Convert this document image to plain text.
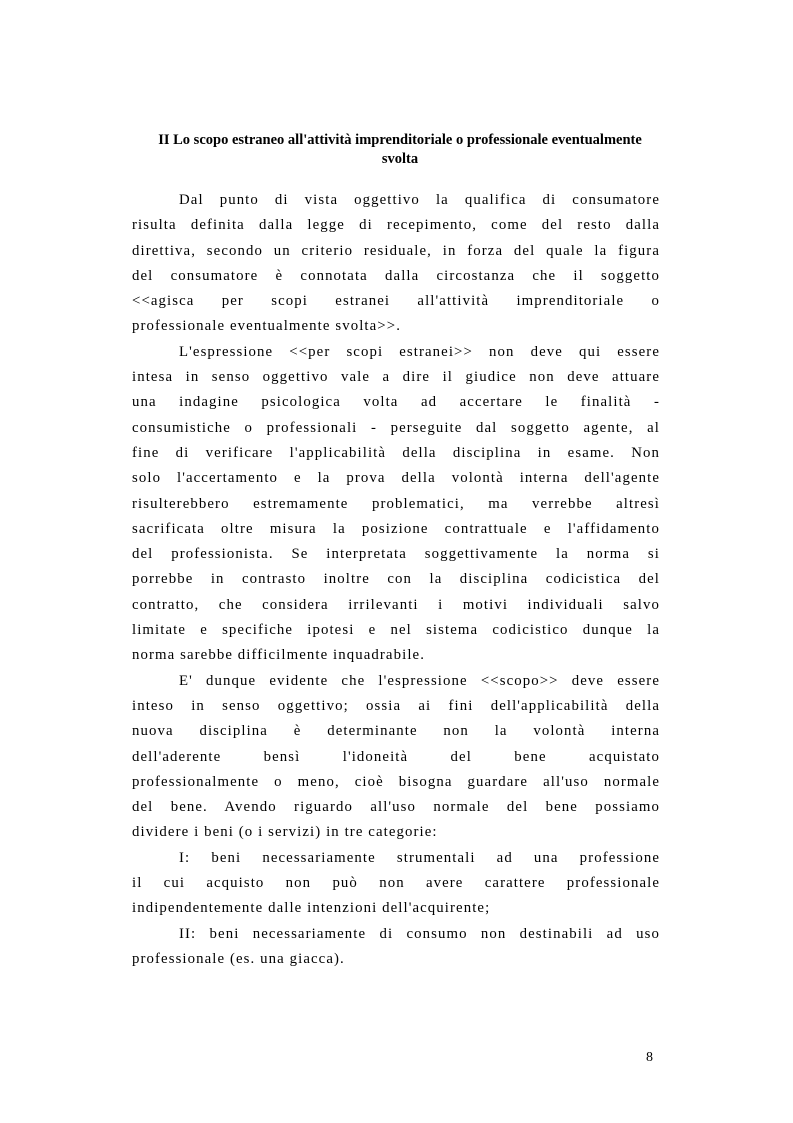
II Lo scopo estraneo all'attività imprenditoriale o professionale eventualmente
svolta
Dal punto di vista oggettivo la qualifica di consumatore
risulta definita dalla legge di recepimento, come del resto dalla
direttiva, secondo un criterio residuale, in forza del quale la figura
del consumatore è connotata dalla circostanza che il soggetto
<<agisca per scopi estranei all'attività imprenditoriale o
professionale eventualmente svolta>>.
L'espressione <<per scopi estranei>> non deve qui essere
intesa in senso oggettivo vale a dire il giudice non deve attuare
una indagine psicologica volta ad accertare le finalità -
consumistiche o professionali - perseguite dal soggetto agente, al
fine di verificare l'applicabilità della disciplina in esame. Non
solo l'accertamento e la prova della volontà interna dell'agente
risulterebbero estremamente problematici, ma verrebbe altresì
sacrificata oltre misura la posizione contrattuale e l'affidamento
del professionista. Se interpretata soggettivamente la norma si
porrebbe in contrasto inoltre con la disciplina codicistica del
contratto, che considera irrilevanti i motivi individuali salvo
limitate e specifiche ipotesi e nel sistema codicistico dunque la
norma sarebbe difficilmente inquadrabile.
E' dunque evidente che l'espressione <<scopo>> deve essere
inteso in senso oggettivo; ossia ai fini dell'applicabilità della
nuova disciplina è determinante non la volontà interna
dell'aderente bensì l'idoneità del bene acquistato
professionalmente o meno, cioè bisogna guardare all'uso normale
del bene. Avendo riguardo all'uso normale del bene possiamo
dividere i beni (o i servizi) in tre categorie:
I: beni necessariamente strumentali ad una professione
il cui acquisto non può non avere carattere professionale
indipendentemente dalle intenzioni dell'acquirente;
II: beni necessariamente di consumo non destinabili ad uso
professionale (es. una giacca).
8
